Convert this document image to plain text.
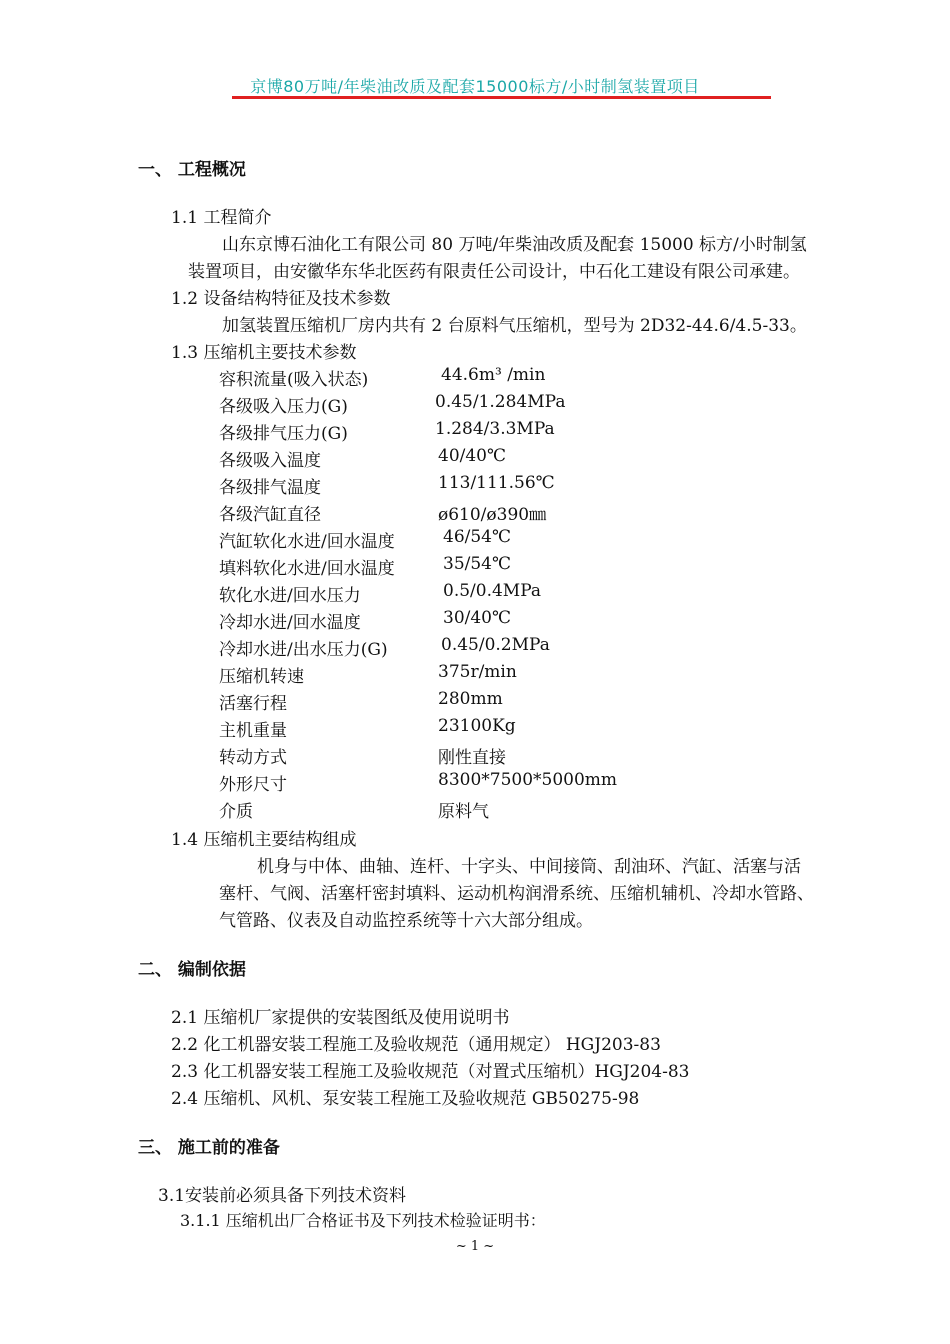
京博80万吨/年柴油改质及配套15000标方/小时制氢装置项目
一、 工程概况
1.1 工程简介
山东京博石油化工有限公司 80 万吨/年柴油改质及配套 15000 标方/小时制氢
装置项目，由安徽华东华北医药有限责任公司设计，中石化工建设有限公司承建。
1.2 设备结构特征及技术参数
加氢装置压缩机厂房内共有 2 台原料气压缩机，型号为 2D32-44.6/4.5-33。
1.3 压缩机主要技术参数
容积流量(吸入状态)	44.6m³ /min
各级吸入压力(G)	0.45/1.284MPa
各级排气压力(G)	1.284/3.3MPa
各级吸入温度	40/40℃
各级排气温度	113/111.56℃
各级汽缸直径	ø610/ø390㎜
汽缸软化水进/回水温度	46/54℃
填料软化水进/回水温度	35/54℃
软化水进/回水压力	0.5/0.4MPa
冷却水进/回水温度	30/40℃
冷却水进/出水压力(G)	0.45/0.2MPa
压缩机转速	375r/min
活塞行程	280mm
主机重量	23100Kg
转动方式	刚性直接
外形尺寸	8300*7500*5000mm
介质	原料气
1.4 压缩机主要结构组成
机身与中体、曲轴、连杆、十字头、中间接筒、刮油环、汽缸、活塞与活
塞杆、气阀、活塞杆密封填料、运动机构润滑系统、压缩机辅机、冷却水管路、
气管路、仪表及自动监控系统等十六大部分组成。
二、 编制依据
2.1 压缩机厂家提供的安装图纸及使用说明书
2.2 化工机器安装工程施工及验收规范（通用规定） HGJ203-83
2.3 化工机器安装工程施工及验收规范（对置式压缩机）HGJ204-83
2.4 压缩机、风机、泵安装工程施工及验收规范 GB50275-98
三、 施工前的准备
3.1安装前必须具备下列技术资料
3.1.1 压缩机出厂合格证书及下列技术检验证明书：
~ 1 ~
